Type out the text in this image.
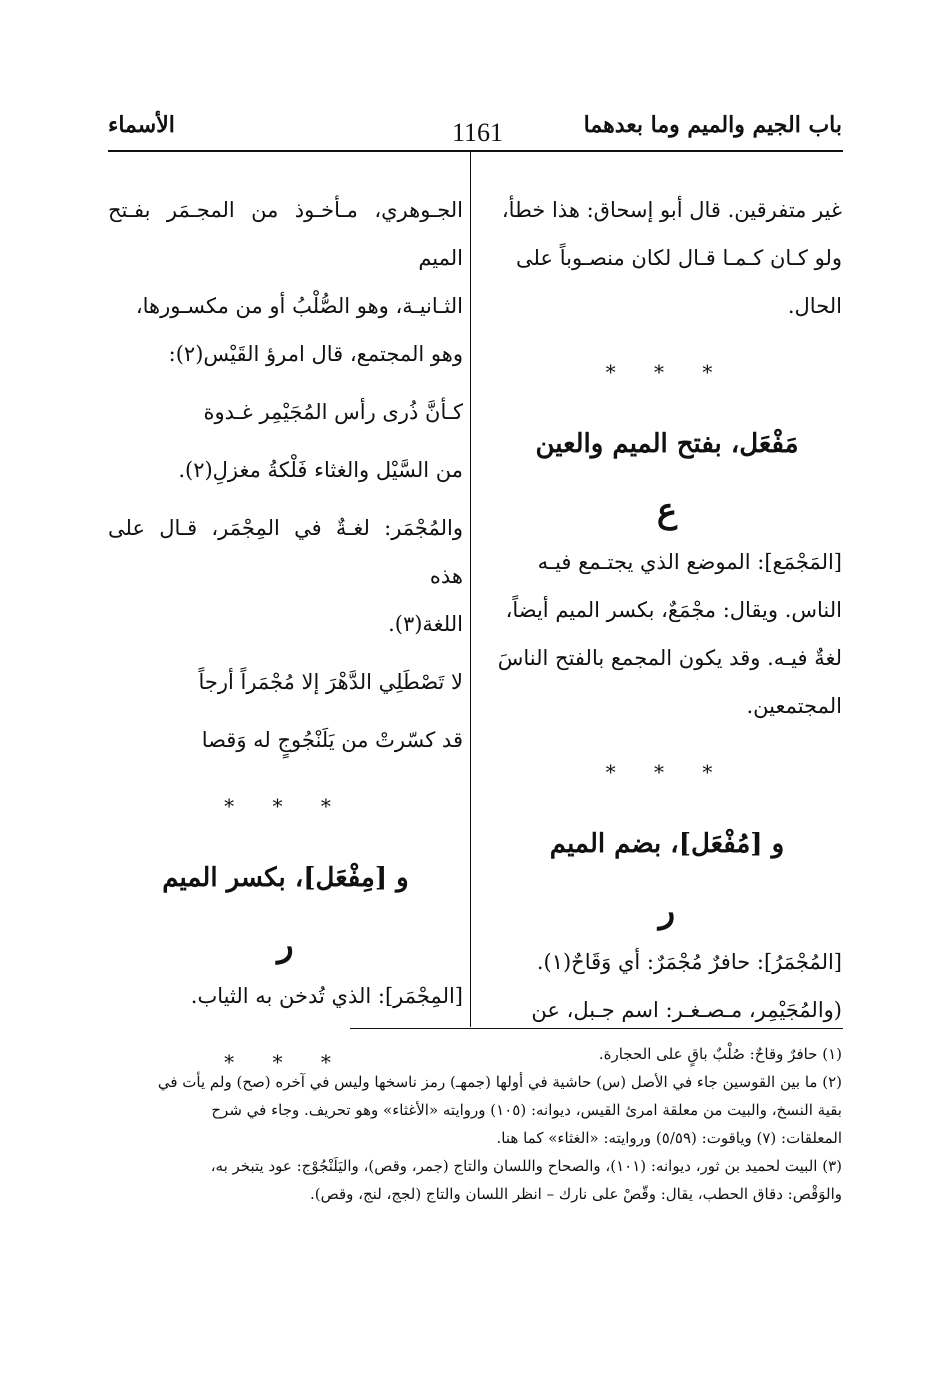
باب الجيم والميم وما بعدهما
1161
الأسماء

غير متفرقين. قال أبو إسحاق: هذا خطأ،

ولو كـان كـمـا قـال لكان منصـوباً على

الحال.

* * *
مَفْعَل، بفتح الميم والعين
ع

[المَجْمَع]: الموضع الذي يجتـمع فيـه

الناس. ويقال: مجْمَعٌ، بكسر الميم أيضاً،

لغةٌ فيـه. وقد يكون المجمع بالفتح الناسَ

المجتمعين.

* * *
و [مُفْعَل]، بضم الميم
ر

[المُجْمَرُ]: حافرٌ مُجْمَرٌ: أي وَقَاحٌ(١).

(والمُجَيْمِر، مـصـغـر: اسم جـبل، عن

الجـوهري، مـأخـوذ من المجـمَر بفـتح الميم

الثـانيـة، وهو الصُّلْبُ أو من مكسـورها،

وهو المجتمع، قال امرؤ القَيْس(٢):

كـأنَّ ذُرى رأس المُجَيْمِر غـدوة

من السَّيْل والغثاء فَلْكةُ مغزلِ(٢).

والمُجْمَر: لغـةٌ في المِجْمَر، قـال على هذه

اللغة(٣).

لا تَصْطَلِي الدَّهْرَ إلا مُجْمَراً أرجاً

قد كسّرتْ من يَلَنْجُوجٍ له وَقصا

* * *
و [مِفْعَل]، بكسر الميم
ر

[المِجْمَر]: الذي تُدخن به الثياب.

* * *	(١) حافرٌ وقاحٌ: صُلْبٌ باقٍ على الحجارة.

(٢) ما بين القوسين جاء في الأصل (س) حاشية في أولها (جمهـ) رمز ناسخها وليس في آخره (صح) ولم يأت في

بقية النسخ، والبيت من معلقة امرئ القيس، ديوانه: (١٠٥) وروايته «الأغثاء» وهو تحريف. وجاء في شرح

المعلقات: (٧) وياقوت: (٥/٥٩) وروايته: «الغثاء» كما هنا.

(٣) البيت لحميد بن ثور، ديوانه: (١٠١)، والصحاح واللسان والتاج (جمر، وقص)، واليَلَنْجُوْج: عود يتبخر به،

والوَقْص: دقاق الحطب، يقال: وقّصْ على نارك – انظر اللسان والتاج (لجج، لنج، وقص).
